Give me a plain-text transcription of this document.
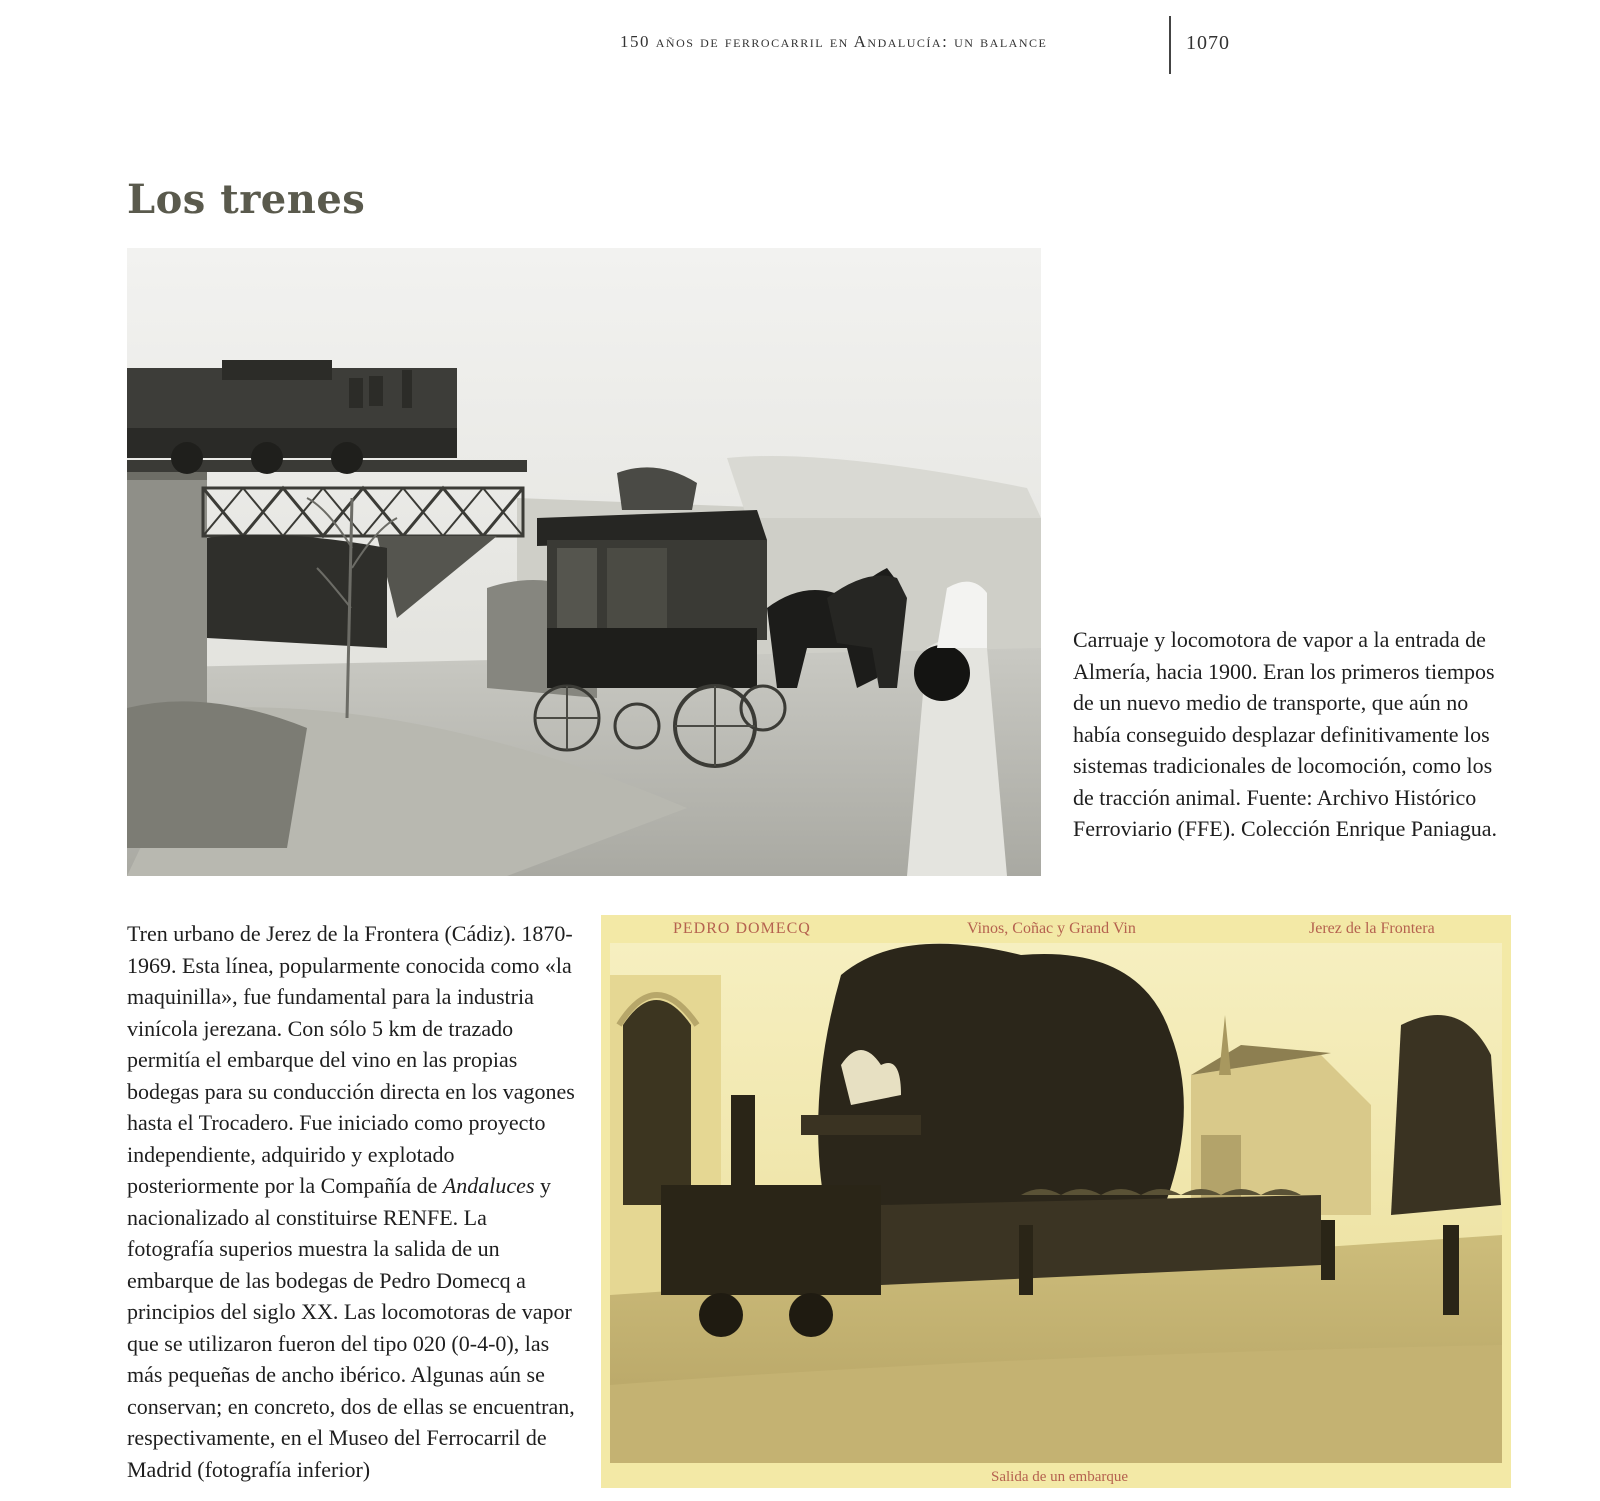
150 años de ferrocarril en Andalucía: un balance	1070
Los trenes
Carruaje y locomotora de vapor a la entrada de Almería, hacia 1900. Eran los primeros tiempos de un nuevo medio de transporte, que aún no había conseguido desplazar definitivamente los sistemas tradicionales de locomoción, como los de tracción animal. Fuente: Archivo Histórico Ferroviario (FFE). Colección Enrique Paniagua.
Tren urbano de Jerez de la Frontera (Cádiz). 1870-1969. Esta línea, popularmente conocida como «la maquinilla», fue fundamental para la industria vinícola jerezana. Con sólo 5 km de trazado permitía el embarque del vino en las propias bodegas para su conducción directa en los vagones hasta el Trocadero. Fue iniciado como proyecto independiente, adquirido y explotado posteriormente por la Compañía de Andaluces y nacionalizado al constituirse RENFE. La fotografía superios muestra la salida de un embarque de las bodegas de Pedro Domecq a principios del siglo XX. Las locomotoras de vapor que se utilizaron fueron del tipo 020 (0-4-0), las más pequeñas de ancho ibérico. Algunas aún se conservan; en concreto, dos de ellas se encuentran, respectivamente, en el Museo del Ferrocarril de Madrid (fotografía inferior)
PEDRO DOMECQ	Vinos, Coñac y Grand Vin	Jerez de la Frontera
Salida de un embarque
